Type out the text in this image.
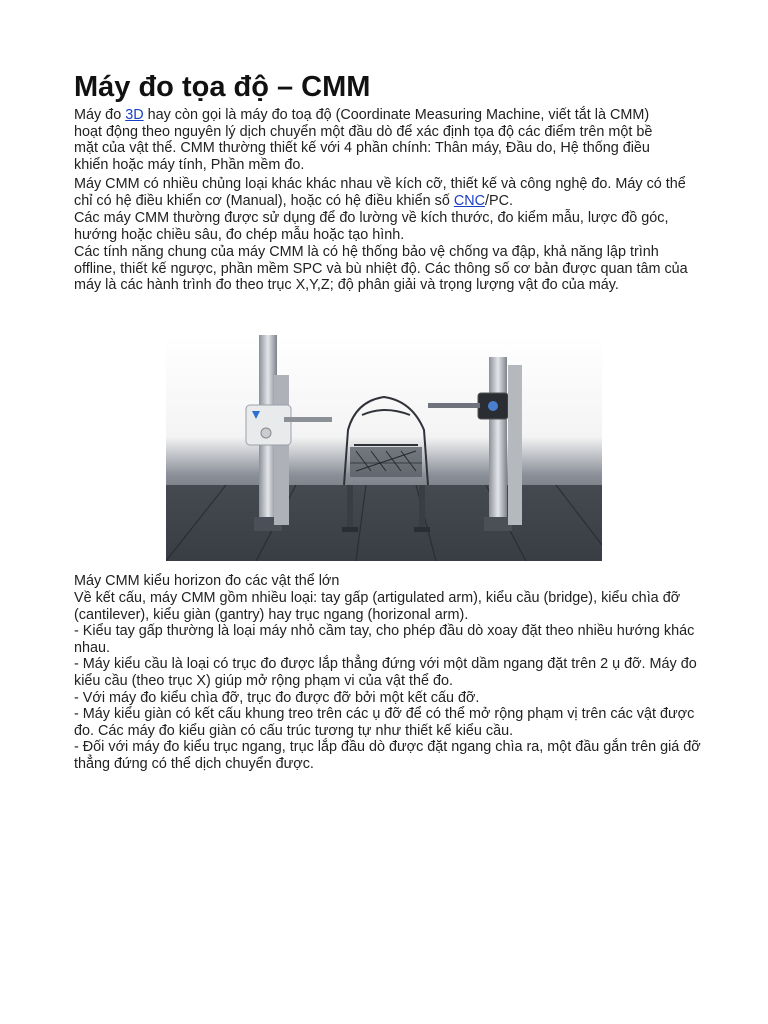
Máy đo tọa độ – CMM

Máy đo 3D hay còn gọi là máy đo toạ độ (Coordinate Measuring Machine, viết tắt là CMM) hoạt động theo nguyên lý dịch chuyển một đầu dò để xác định tọa độ các điểm trên một bề mặt của vật thể. CMM thường thiết kế với 4 phần chính: Thân máy, Đầu do, Hệ thống điều khiển hoặc máy tính, Phần mềm đo.

Máy CMM có nhiều chủng loại khác khác nhau về kích cỡ, thiết kế và công nghệ đo. Máy có thể chỉ có hệ điều khiển cơ (Manual), hoặc có hệ điều khiển số CNC/PC.

Các máy CMM thường được sử dụng để đo lường về kích thước, đo kiểm mẫu, lược đồ góc, hướng hoặc chiều sâu, đo chép mẫu hoặc tạo hình.

Các tính năng chung của máy CMM là có hệ thống bảo vệ chống va đập, khả năng lập trình offline, thiết kế ngược, phần mềm SPC và bù nhiệt độ. Các thông số cơ bản được quan tâm của máy là các hành trình đo theo trục X,Y,Z; độ phân giải và trọng lượng vật đo của máy.

Máy CMM kiểu horizon đo các vật thể lớn

Về kết cấu, máy CMM gồm nhiều loại: tay gấp (artigulated arm), kiểu cầu (bridge), kiểu chìa đỡ (cantilever), kiểu giàn (gantry) hay trục ngang (horizonal arm).
- Kiểu tay gấp thường là loại máy nhỏ cầm tay, cho phép đầu dò xoay đặt theo nhiều hướng khác nhau.
- Máy kiểu cầu là loại có trục đo được lắp thẳng đứng với một dầm ngang đặt trên 2 ụ đỡ. Máy đo kiểu cầu (theo trục X) giúp mở rộng phạm vi của vật thể đo.
- Với máy đo kiểu chìa đỡ, trục đo được đỡ bởi một kết cấu đỡ.
- Máy kiểu giàn có kết cấu khung treo trên các ụ đỡ để có thể mở rộng phạm vị trên các vật được đo. Các máy đo kiểu giàn có cấu trúc tương tự như thiết kế kiểu cầu.
- Đối với máy đo kiểu trục ngang, trục lắp đầu dò được đặt ngang chìa ra, một đầu gắn trên giá đỡ thẳng đứng có thể dịch chuyển được.
